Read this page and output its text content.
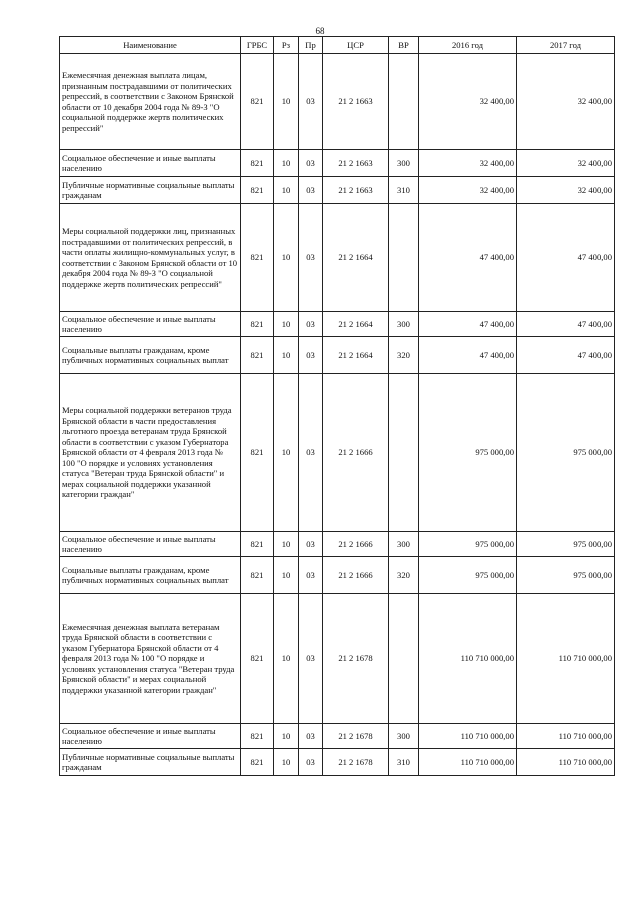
68
Наименование	ГРБС	Рз	Пр	ЦСР	ВР	2016 год	2017 год
Ежемесячная денежная выплата лицам, признанным пострадавшими от политических репрессий, в соответствии с Законом Брянской области от 10 декабря 2004 года № 89-З "О социальной поддержке жертв политических репрессий"	821	10	03	21 2 1663		32 400,00	32 400,00
Социальное обеспечение и иные выплаты населению	821	10	03	21 2 1663	300	32 400,00	32 400,00
Публичные нормативные социальные выплаты гражданам	821	10	03	21 2 1663	310	32 400,00	32 400,00
Меры социальной поддержки лиц, признанных пострадавшими от политических репрессий, в части оплаты жилищно-коммунальных услуг, в соответствии с Законом Брянской области от 10 декабря 2004 года № 89-З "О социальной поддержке жертв политических репрессий"	821	10	03	21 2 1664		47 400,00	47 400,00
Социальное обеспечение и иные выплаты населению	821	10	03	21 2 1664	300	47 400,00	47 400,00
Социальные выплаты гражданам, кроме публичных нормативных социальных выплат	821	10	03	21 2 1664	320	47 400,00	47 400,00
Меры социальной поддержки ветеранов труда Брянской области в части предоставления льготного проезда ветеранам труда Брянской области в соответствии с указом Губернатора Брянской области от 4 февраля 2013 года № 100 "О порядке и условиях установления статуса "Ветеран труда Брянской области" и мерах социальной поддержки указанной категории граждан"	821	10	03	21 2 1666		975 000,00	975 000,00
Социальное обеспечение и иные выплаты населению	821	10	03	21 2 1666	300	975 000,00	975 000,00
Социальные выплаты гражданам, кроме публичных нормативных социальных выплат	821	10	03	21 2 1666	320	975 000,00	975 000,00
Ежемесячная денежная выплата ветеранам труда Брянской области в соответствии с указом Губернатора Брянской области от 4 февраля 2013 года № 100 "О порядке и условиях установления статуса "Ветеран труда Брянской области" и мерах социальной поддержки указанной категории граждан"	821	10	03	21 2 1678		110 710 000,00	110 710 000,00
Социальное обеспечение и иные выплаты населению	821	10	03	21 2 1678	300	110 710 000,00	110 710 000,00
Публичные нормативные социальные выплаты гражданам	821	10	03	21 2 1678	310	110 710 000,00	110 710 000,00
